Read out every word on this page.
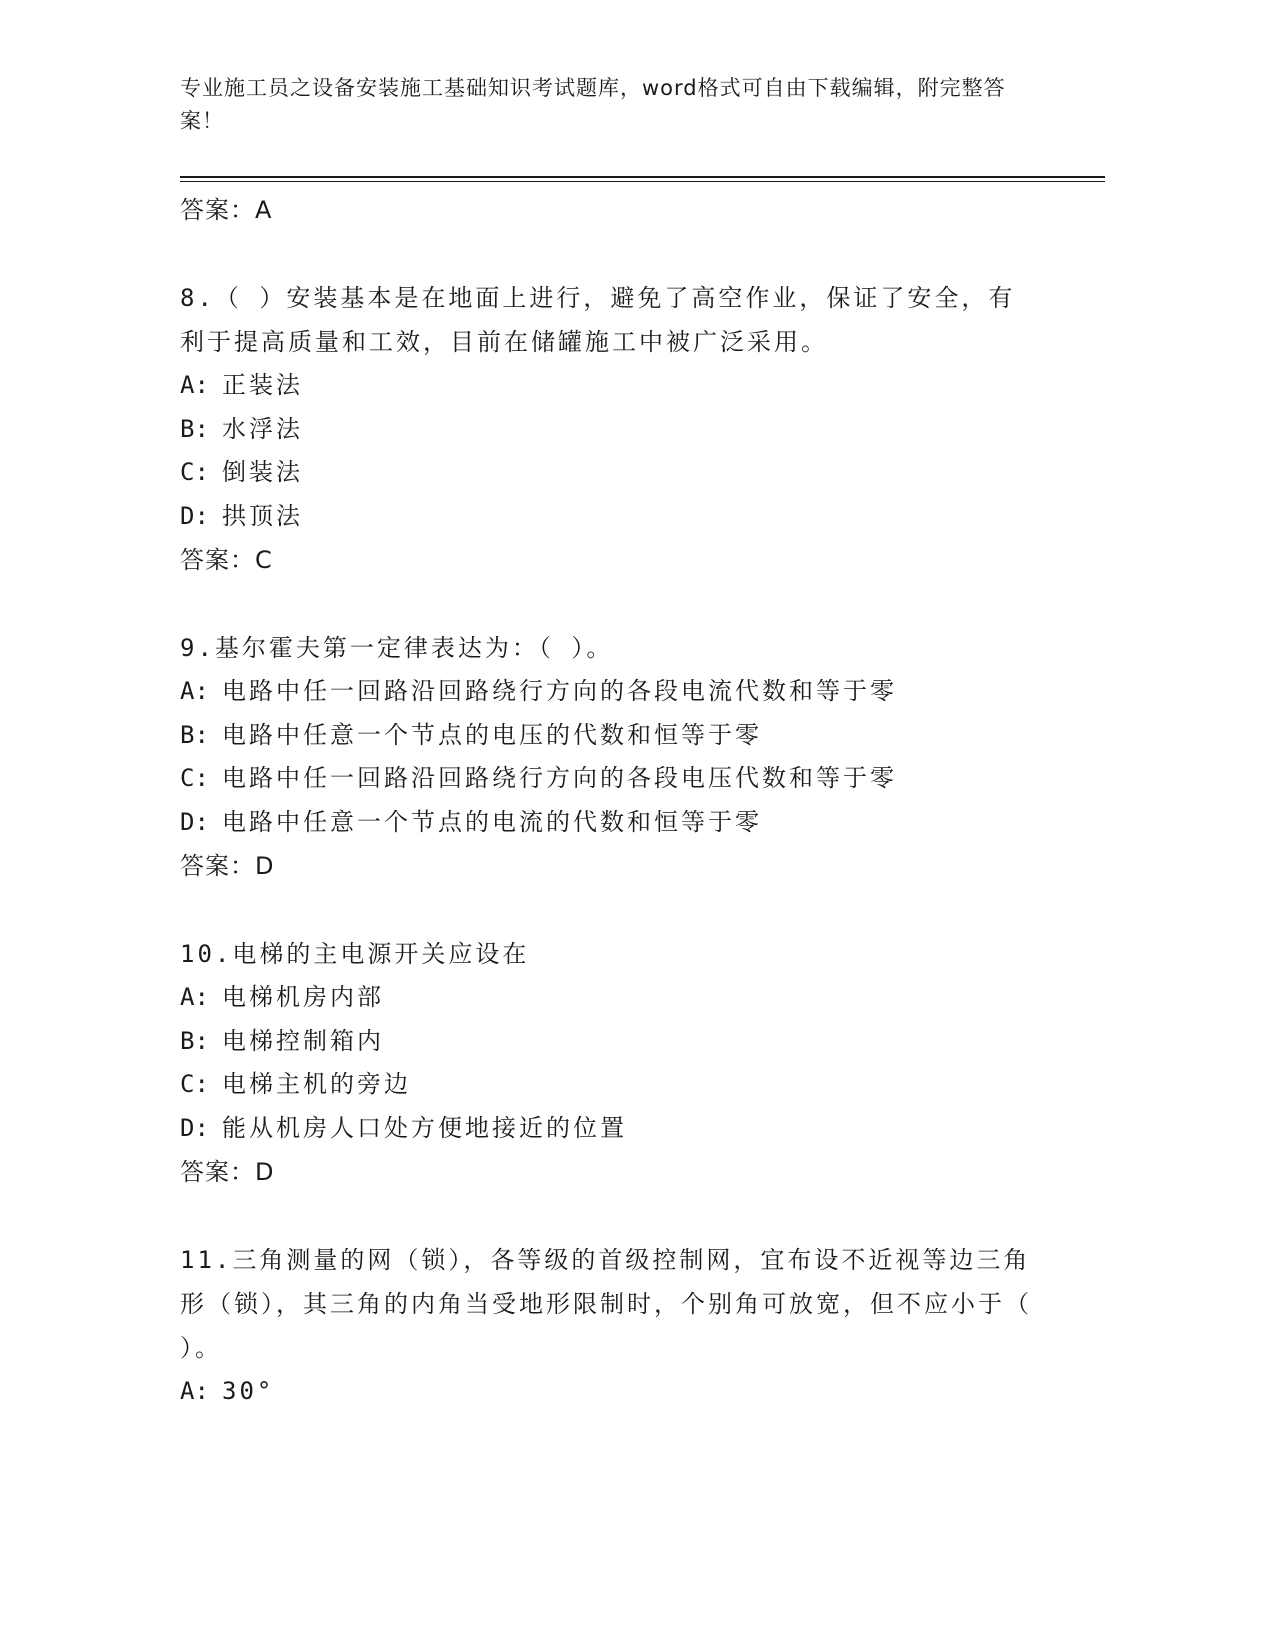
专业施工员之设备安装施工基础知识考试题库，word格式可自由下载编辑，附完整答案！
答案：A
8.（ ）安装基本是在地面上进行，避免了高空作业，保证了安全，有利于提高质量和工效，目前在储罐施工中被广泛采用。
A: 正装法
B: 水浮法
C: 倒装法
D: 拱顶法
答案：C
9.基尔霍夫第一定律表达为：（ ）。
A: 电路中任一回路沿回路绕行方向的各段电流代数和等于零
B: 电路中任意一个节点的电压的代数和恒等于零
C: 电路中任一回路沿回路绕行方向的各段电压代数和等于零
D: 电路中任意一个节点的电流的代数和恒等于零
答案：D
10.电梯的主电源开关应设在
A: 电梯机房内部
B: 电梯控制箱内
C: 电梯主机的旁边
D: 能从机房人口处方便地接近的位置
答案：D
11.三角测量的网（锁），各等级的首级控制网，宜布设不近视等边三角形（锁），其三角的内角当受地形限制时，个别角可放宽，但不应小于（ ）。
A: 30°
